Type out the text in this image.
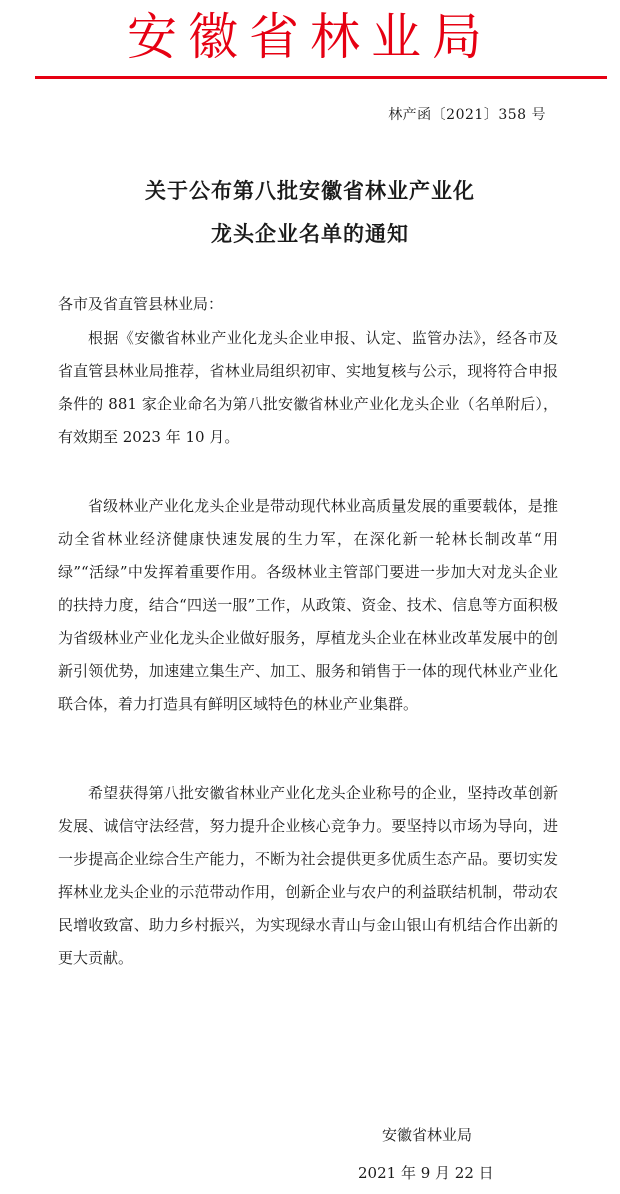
安徽省林业局
林产函〔2021〕358 号
关于公布第八批安徽省林业产业化
龙头企业名单的通知
各市及省直管县林业局：

根据《安徽省林业产业化龙头企业申报、认定、监管办法》，经各市及省直管县林业局推荐，省林业局组织初审、实地复核与公示，现将符合申报条件的 881 家企业命名为第八批安徽省林业产业化龙头企业（名单附后），有效期至 2023 年 10 月。

省级林业产业化龙头企业是带动现代林业高质量发展的重要载体，是推动全省林业经济健康快速发展的生力军，在深化新一轮林长制改革“用绿”“活绿”中发挥着重要作用。各级林业主管部门要进一步加大对龙头企业的扶持力度，结合“四送一服”工作，从政策、资金、技术、信息等方面积极为省级林业产业化龙头企业做好服务，厚植龙头企业在林业改革发展中的创新引领优势，加速建立集生产、加工、服务和销售于一体的现代林业产业化联合体，着力打造具有鲜明区域特色的林业产业集群。

希望获得第八批安徽省林业产业化龙头企业称号的企业，坚持改革创新发展、诚信守法经营，努力提升企业核心竞争力。要坚持以市场为导向，进一步提高企业综合生产能力，不断为社会提供更多优质生态产品。要切实发挥林业龙头企业的示范带动作用，创新企业与农户的利益联结机制，带动农民增收致富、助力乡村振兴，为实现绿水青山与金山银山有机结合作出新的更大贡献。

安徽省林业局
2021 年 9 月 22 日
